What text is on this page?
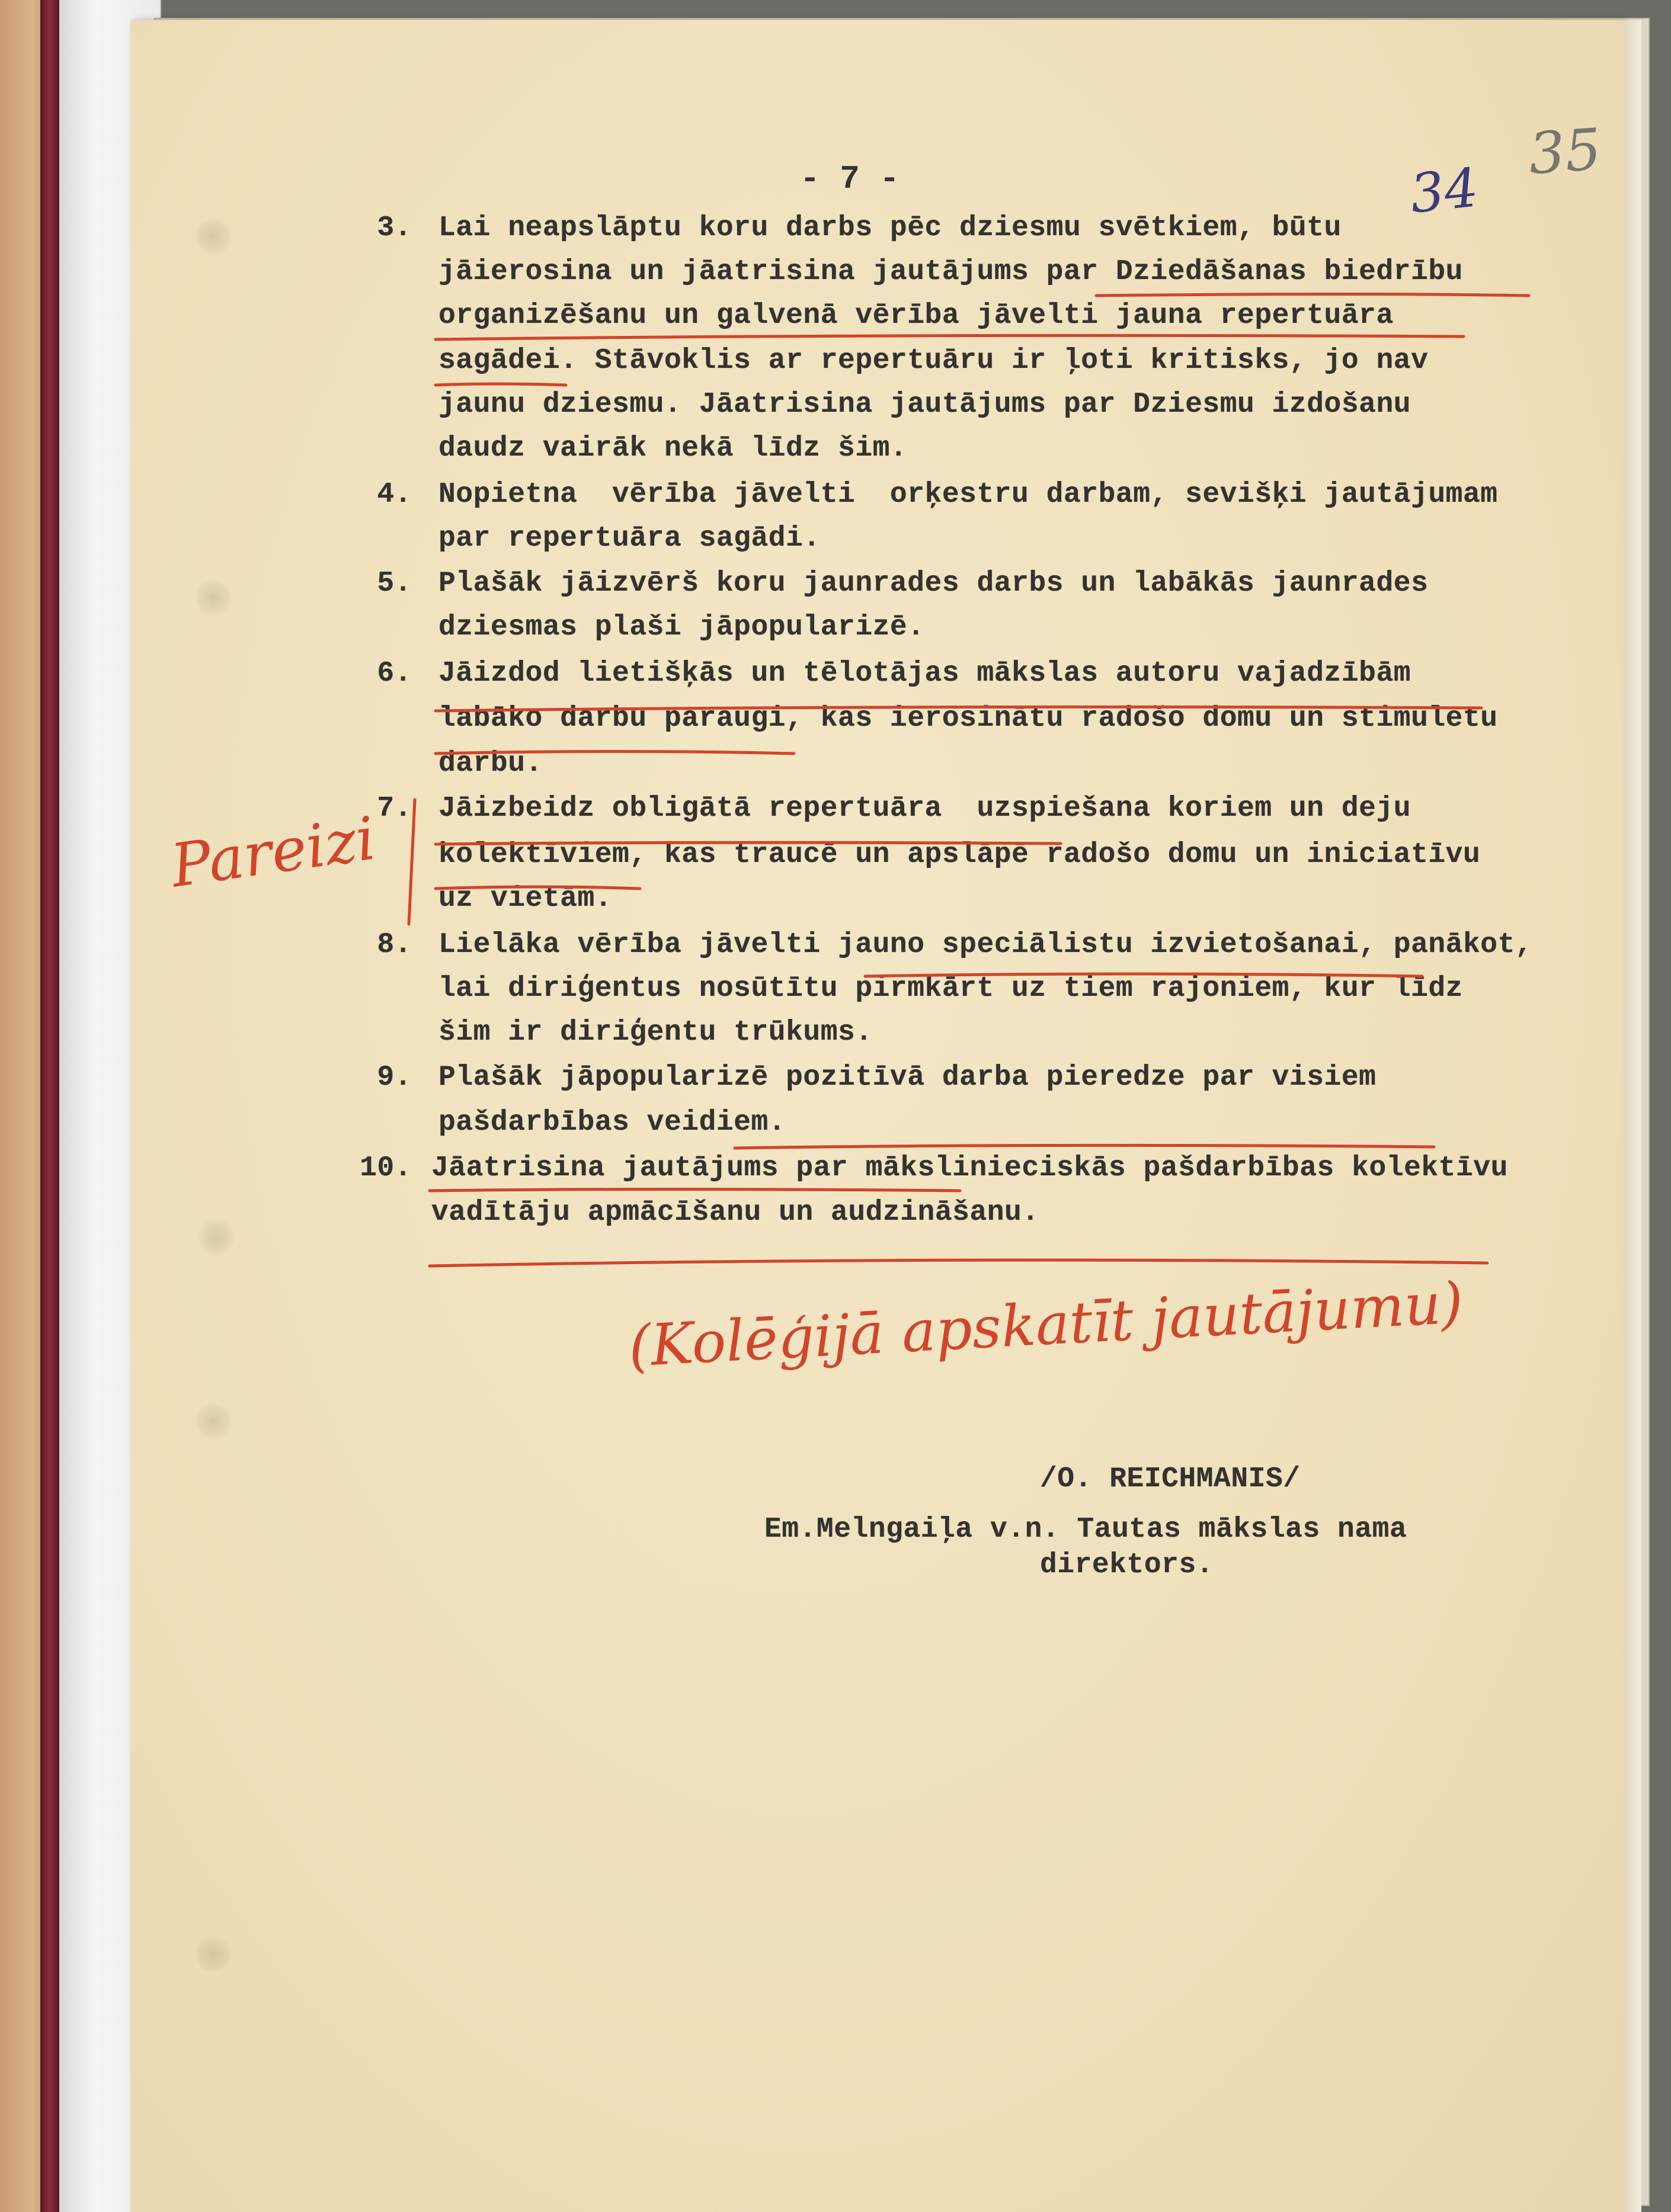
35
34
- 7 -
3. Lai neapslāptu koru darbs pēc dziesmu svētkiem, būtu
jāierosina un jāatrisina jautājums par Dziedāšanas biedrību
organizēšanu un galvenā vērība jāvelti jauna repertuāra
sagādei. Stāvoklis ar repertuāru ir ļoti kritisks, jo nav
jaunu dziesmu. Jāatrisina jautājums par Dziesmu izdošanu
daudz vairāk nekā līdz šim.
4. Nopietna  vērība jāvelti  orķestru darbam, sevišķi jautājumam
par repertuāra sagādi.
5. Plašāk jāizvērš koru jaunrades darbs un labākās jaunrades
dziesmas plaši jāpopularizē.
6. Jāizdod lietišķās un tēlotājas mākslas autoru vajadzībām
labāko darbu paraugi, kas ierosinātu radošo domu un stimulētu
darbu.
7. Jāizbeidz obligātā repertuāra  uzspiešana koriem un deju
kolektīviem, kas traucē un apslāpē radošo domu un iniciatīvu
uz vietām.
8. Lielāka vērība jāvelti jauno speciālistu izvietošanai, panākot,
lai diriģentus nosūtītu pirmkārt uz tiem rajoniem, kur līdz
šim ir diriģentu trūkums.
9. Plašāk jāpopularizē pozitīvā darba pieredze par visiem
pašdarbības veidiem.
10. Jāatrisina jautājums par mākslinieciskās pašdarbības kolektīvu
vadītāju apmācīšanu un audzināšanu.
Pareizi
(Kolēģijā apskatīt jautājumu)
/O. REICHMANIS/
Em.Melngaiļa v.n. Tautas mākslas nama
direktors.
